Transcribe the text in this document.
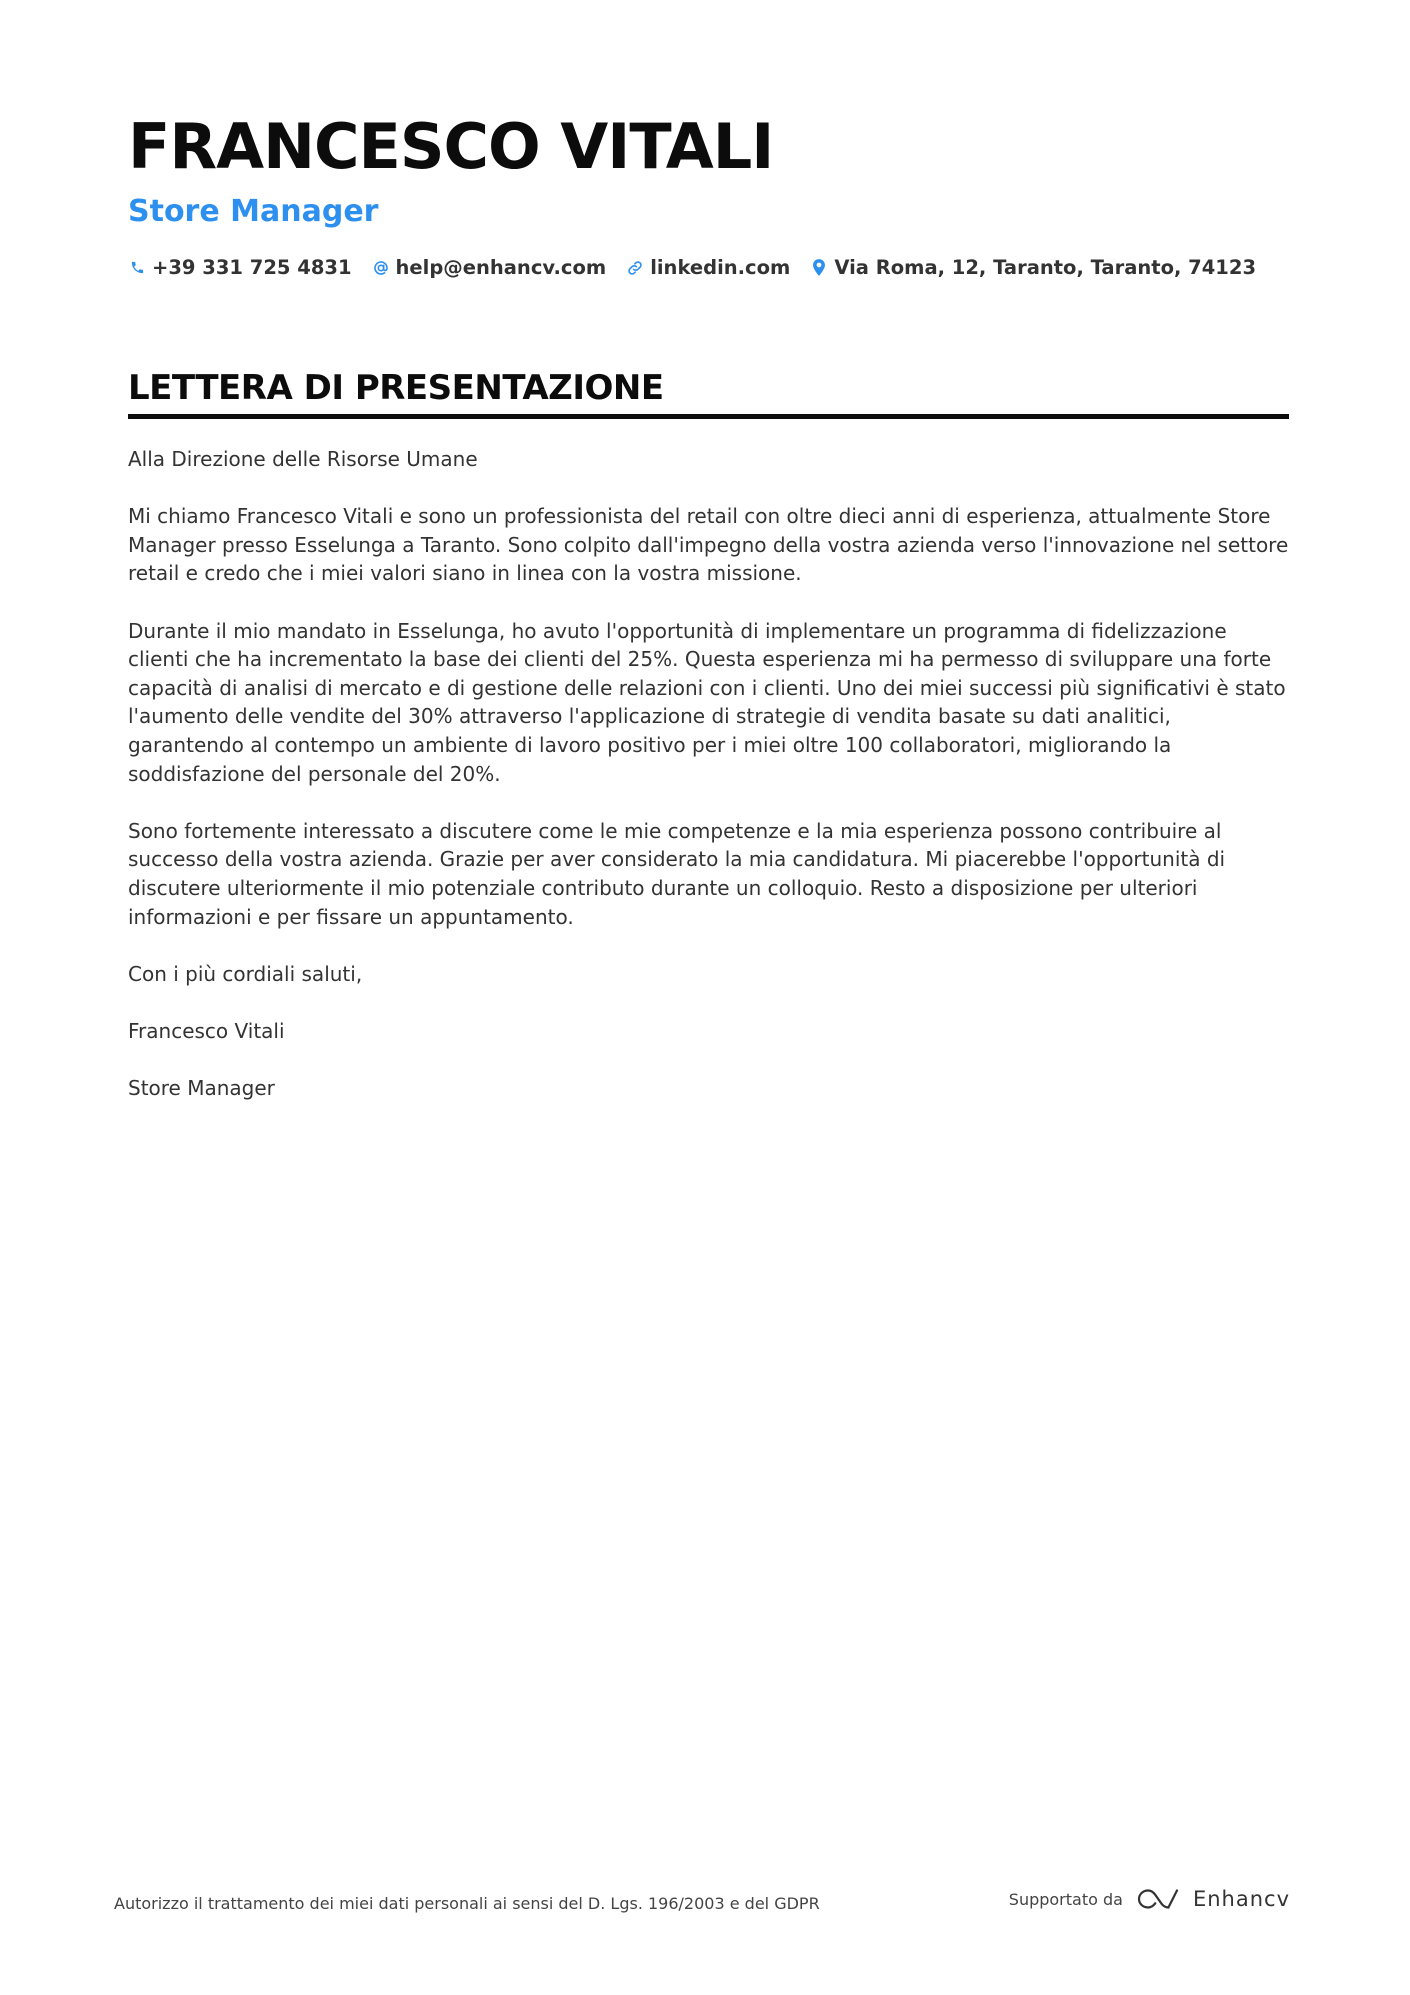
FRANCESCO VITALI
Store Manager
+39 331 725 4831 help@enhancv.com linkedin.com Via Roma, 12, Taranto, Taranto, 74123
LETTERA DI PRESENTAZIONE

Alla Direzione delle Risorse Umane

Mi chiamo Francesco Vitali e sono un professionista del retail con oltre dieci anni di esperienza, attualmente Store Manager presso Esselunga a Taranto. Sono colpito dall'impegno della vostra azienda verso l'innovazione nel settore retail e credo che i miei valori siano in linea con la vostra missione.

Durante il mio mandato in Esselunga, ho avuto l'opportunità di implementare un programma di fidelizzazione clienti che ha incrementato la base dei clienti del 25%. Questa esperienza mi ha permesso di sviluppare una forte capacità di analisi di mercato e di gestione delle relazioni con i clienti. Uno dei miei successi più significativi è stato l'aumento delle vendite del 30% attraverso l'applicazione di strategie di vendita basate su dati analitici, garantendo al contempo un ambiente di lavoro positivo per i miei oltre 100 collaboratori, migliorando la soddisfazione del personale del 20%.

Sono fortemente interessato a discutere come le mie competenze e la mia esperienza possono contribuire al successo della vostra azienda. Grazie per aver considerato la mia candidatura. Mi piacerebbe l'opportunità di discutere ulteriormente il mio potenziale contributo durante un colloquio. Resto a disposizione per ulteriori informazioni e per fissare un appuntamento.

Con i più cordiali saluti,

Francesco Vitali

Store Manager

Autorizzo il trattamento dei miei dati personali ai sensi del D. Lgs. 196/2003 e del GDPR	Supportato da	Enhancv
